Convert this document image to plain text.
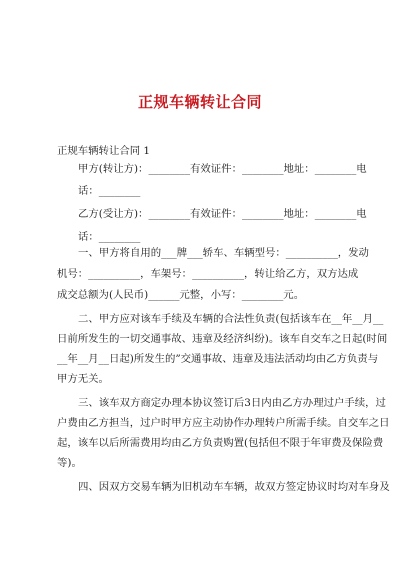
正规车辆转让合同
正规车辆转让合同 1
甲方(转让方)：________有效证件：________地址：________电
话：________
乙方(受让方)：________有效证件：________地址：________电
话：________
一、甲方将自用的___牌___轿车、车辆型号：__________，发动
机号：__________，车架号：__________，转让给乙方，双方达成
成交总额为(人民币)______元整，小写：________元。
二、甲方应对该车手续及车辆的合法性负责(包括该车在__年__月__
日前所发生的一切交通事故、违章及经济纠纷)。该车自交车之日起(时间
__年__月__日起)所发生的”交通事故、违章及违法活动均由乙方负责与
甲方无关。
三、该车双方商定办理本协议签订后3日内由乙方办理过户手续，过
户费由乙方担当，过户时甲方应主动协作办理转户所需手续。自交车之日
起，该车以后所需费用均由乙方负责购置(包括但不限于年审费及保险费
等)。
四、因双方交易车辆为旧机动车车辆，故双方签定协议时均对车身及
